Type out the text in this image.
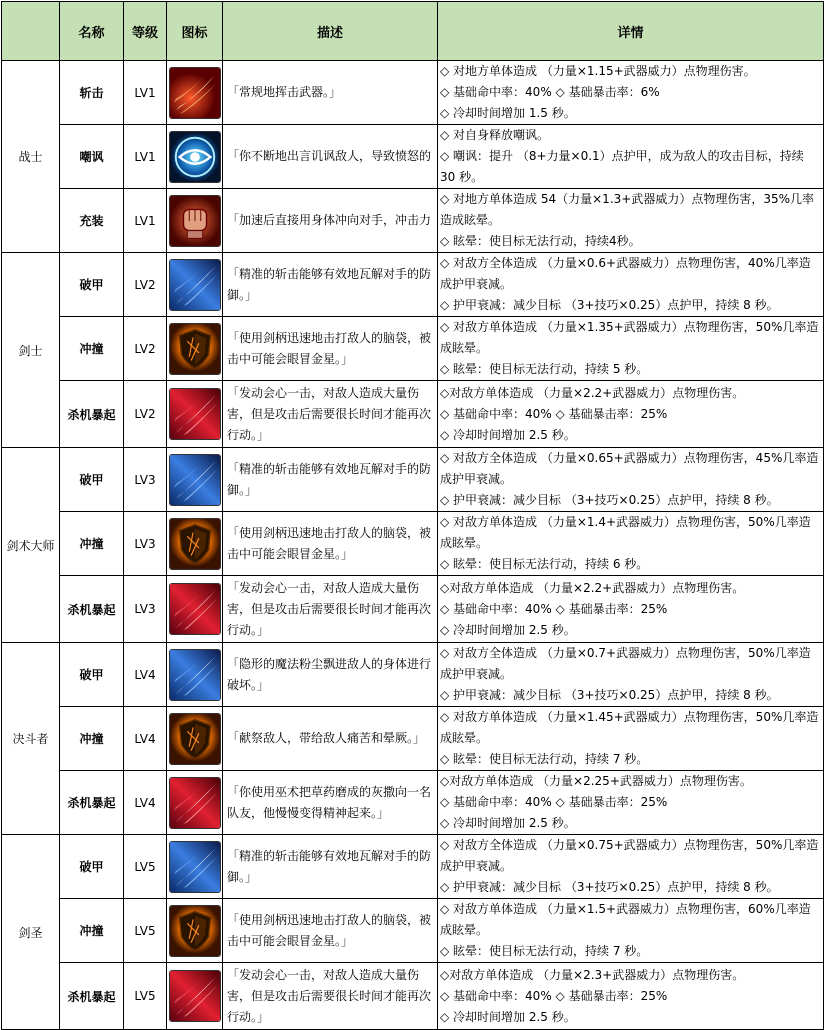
	名称	等级	图标	描述	详情
战士	斩击	LV1		「常规地挥击武器。」	◇ 对地方单体造成 （力量×1.15+武器威力）点物理伤害。
◇ 基础命中率：40% ◇ 基础暴击率：6%
◇ 冷却时间增加 1.5 秒。

	嘲讽	LV1		「你不断地出言讥讽敌人，导致愤怒的	◇ 对自身释放嘲讽。
◇ 嘲讽：提升 （8+力量×0.1）点护甲，成为敌人的攻击目标，持续 30 秒。

	充装	LV1		「加速后直接用身体冲向对手，冲击力	◇ 对地方单体造成 54（力量×1.3+武器威力）点物理伤害，35%几率造成眩晕。
◇ 眩晕：使目标无法行动，持续4秒。

剑士	破甲	LV2		「精准的斩击能够有效地瓦解对手的防御。」	◇ 对敌方全体造成 （力量×0.6+武器威力）点物理伤害，40%几率造成护甲衰减。
◇ 护甲衰减：减少目标 （3+技巧×0.25）点护甲，持续 8 秒。

	冲撞	LV2		「使用剑柄迅速地击打敌人的脑袋，被击中可能会眼冒金星。」	◇ 对敌方单体造成 （力量×1.35+武器威力）点物理伤害，50%几率造成眩晕。
◇ 眩晕：使目标无法行动，持续 5 秒。

	杀机暴起	LV2		「发动会心一击，对敌人造成大量伤害，但是攻击后需要很长时间才能再次行动。」	◇对敌方单体造成 （力量×2.2+武器威力）点物理伤害。
◇ 基础命中率：40% ◇ 基础暴击率：25%
◇ 冷却时间增加 2.5 秒。

剑术大师	破甲	LV3		「精准的斩击能够有效地瓦解对手的防御。」	◇ 对敌方全体造成 （力量×0.65+武器威力）点物理伤害，45%几率造成护甲衰减。
◇ 护甲衰减：减少目标 （3+技巧×0.25）点护甲，持续 8 秒。

	冲撞	LV3		「使用剑柄迅速地击打敌人的脑袋，被击中可能会眼冒金星。」	◇ 对敌方单体造成 （力量×1.4+武器威力）点物理伤害，50%几率造成眩晕。
◇ 眩晕：使目标无法行动，持续 6 秒。

	杀机暴起	LV3		「发动会心一击，对敌人造成大量伤害，但是攻击后需要很长时间才能再次行动。」	◇对敌方单体造成 （力量×2.2+武器威力）点物理伤害。
◇ 基础命中率：40% ◇ 基础暴击率：25%
◇ 冷却时间增加 2.5 秒。

决斗者	破甲	LV4		「隐形的魔法粉尘飘进敌人的身体进行破坏。」	◇ 对敌方全体造成 （力量×0.7+武器威力）点物理伤害，50%几率造成护甲衰减。
◇ 护甲衰减：减少目标 （3+技巧×0.25）点护甲，持续 8 秒。

	冲撞	LV4		「献祭敌人，带给敌人痛苦和晕厥。」	◇ 对敌方单体造成 （力量×1.45+武器威力）点物理伤害，50%几率造成眩晕。
◇ 眩晕：使目标无法行动，持续 7 秒。

	杀机暴起	LV4		「你使用巫术把草药磨成的灰撒向一名队友，他慢慢变得精神起来。」	◇对敌方单体造成 （力量×2.25+武器威力）点物理伤害。
◇ 基础命中率：40% ◇ 基础暴击率：25%
◇ 冷却时间增加 2.5 秒。

剑圣	破甲	LV5		「精准的斩击能够有效地瓦解对手的防御。」	◇ 对敌方全体造成 （力量×0.75+武器威力）点物理伤害，50%几率造成护甲衰减。
◇ 护甲衰减：减少目标 （3+技巧×0.25）点护甲，持续 8 秒。

	冲撞	LV5		「使用剑柄迅速地击打敌人的脑袋，被击中可能会眼冒金星。」	◇ 对敌方单体造成 （力量×1.5+武器威力）点物理伤害，60%几率造成眩晕。
◇ 眩晕：使目标无法行动，持续 7 秒。

	杀机暴起	LV5		「发动会心一击，对敌人造成大量伤害，但是攻击后需要很长时间才能再次行动。」	◇对敌方单体造成 （力量×2.3+武器威力）点物理伤害。
◇ 基础命中率：40% ◇ 基础暴击率：25%
◇ 冷却时间增加 2.5 秒。
